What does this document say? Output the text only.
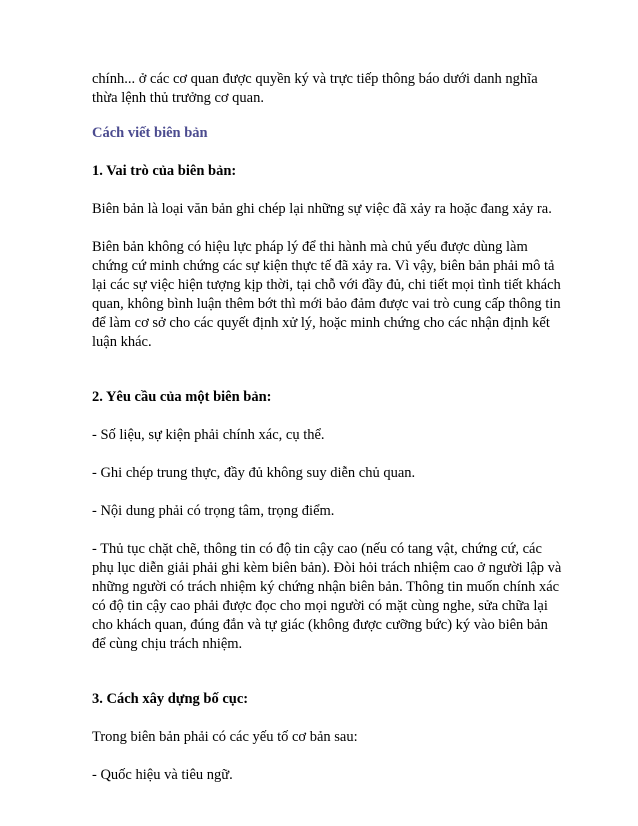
chính... ở các cơ quan được quyền ký và trực tiếp thông báo dưới danh nghĩa thừa lệnh thủ trưởng cơ quan.

Cách viết biên bản

1. Vai trò của biên bản:

Biên bản là loại văn bản ghi chép lại những sự việc đã xảy ra hoặc đang xảy ra.

Biên bản không có hiệu lực pháp lý để thi hành mà chủ yếu được dùng làm chứng cứ minh chứng các sự kiện thực tế đã xảy ra. Vì vậy, biên bản phải mô tả lại các sự việc hiện tượng kịp thời, tại chỗ với đầy đủ, chi tiết mọi tình tiết khách quan, không bình luận thêm bớt thì mới bảo đảm được vai trò cung cấp thông tin để làm cơ sở cho các quyết định xử lý, hoặc minh chứng cho các nhận định kết luận khác.

2. Yêu cầu của một biên bản:

- Số liệu, sự kiện phải chính xác, cụ thể.

- Ghi chép trung thực, đầy đủ không suy diễn chủ quan.

- Nội dung phải có trọng tâm, trọng điểm.

- Thủ tục chặt chẽ, thông tin có độ tin cậy cao (nếu có tang vật, chứng cứ, các phụ lục diễn giải phải ghi kèm biên bản). Đòi hỏi trách nhiệm cao ở người lập và những người có trách nhiệm ký chứng nhận biên bản. Thông tin muốn chính xác có độ tin cậy cao phải được đọc cho mọi người có mặt cùng nghe, sửa chữa lại cho khách quan, đúng đắn và tự giác (không được cưỡng bức) ký vào biên bản để cùng chịu trách nhiệm.

3. Cách xây dựng bố cục:

Trong biên bản phải có các yếu tố cơ bản sau:

- Quốc hiệu và tiêu ngữ.
